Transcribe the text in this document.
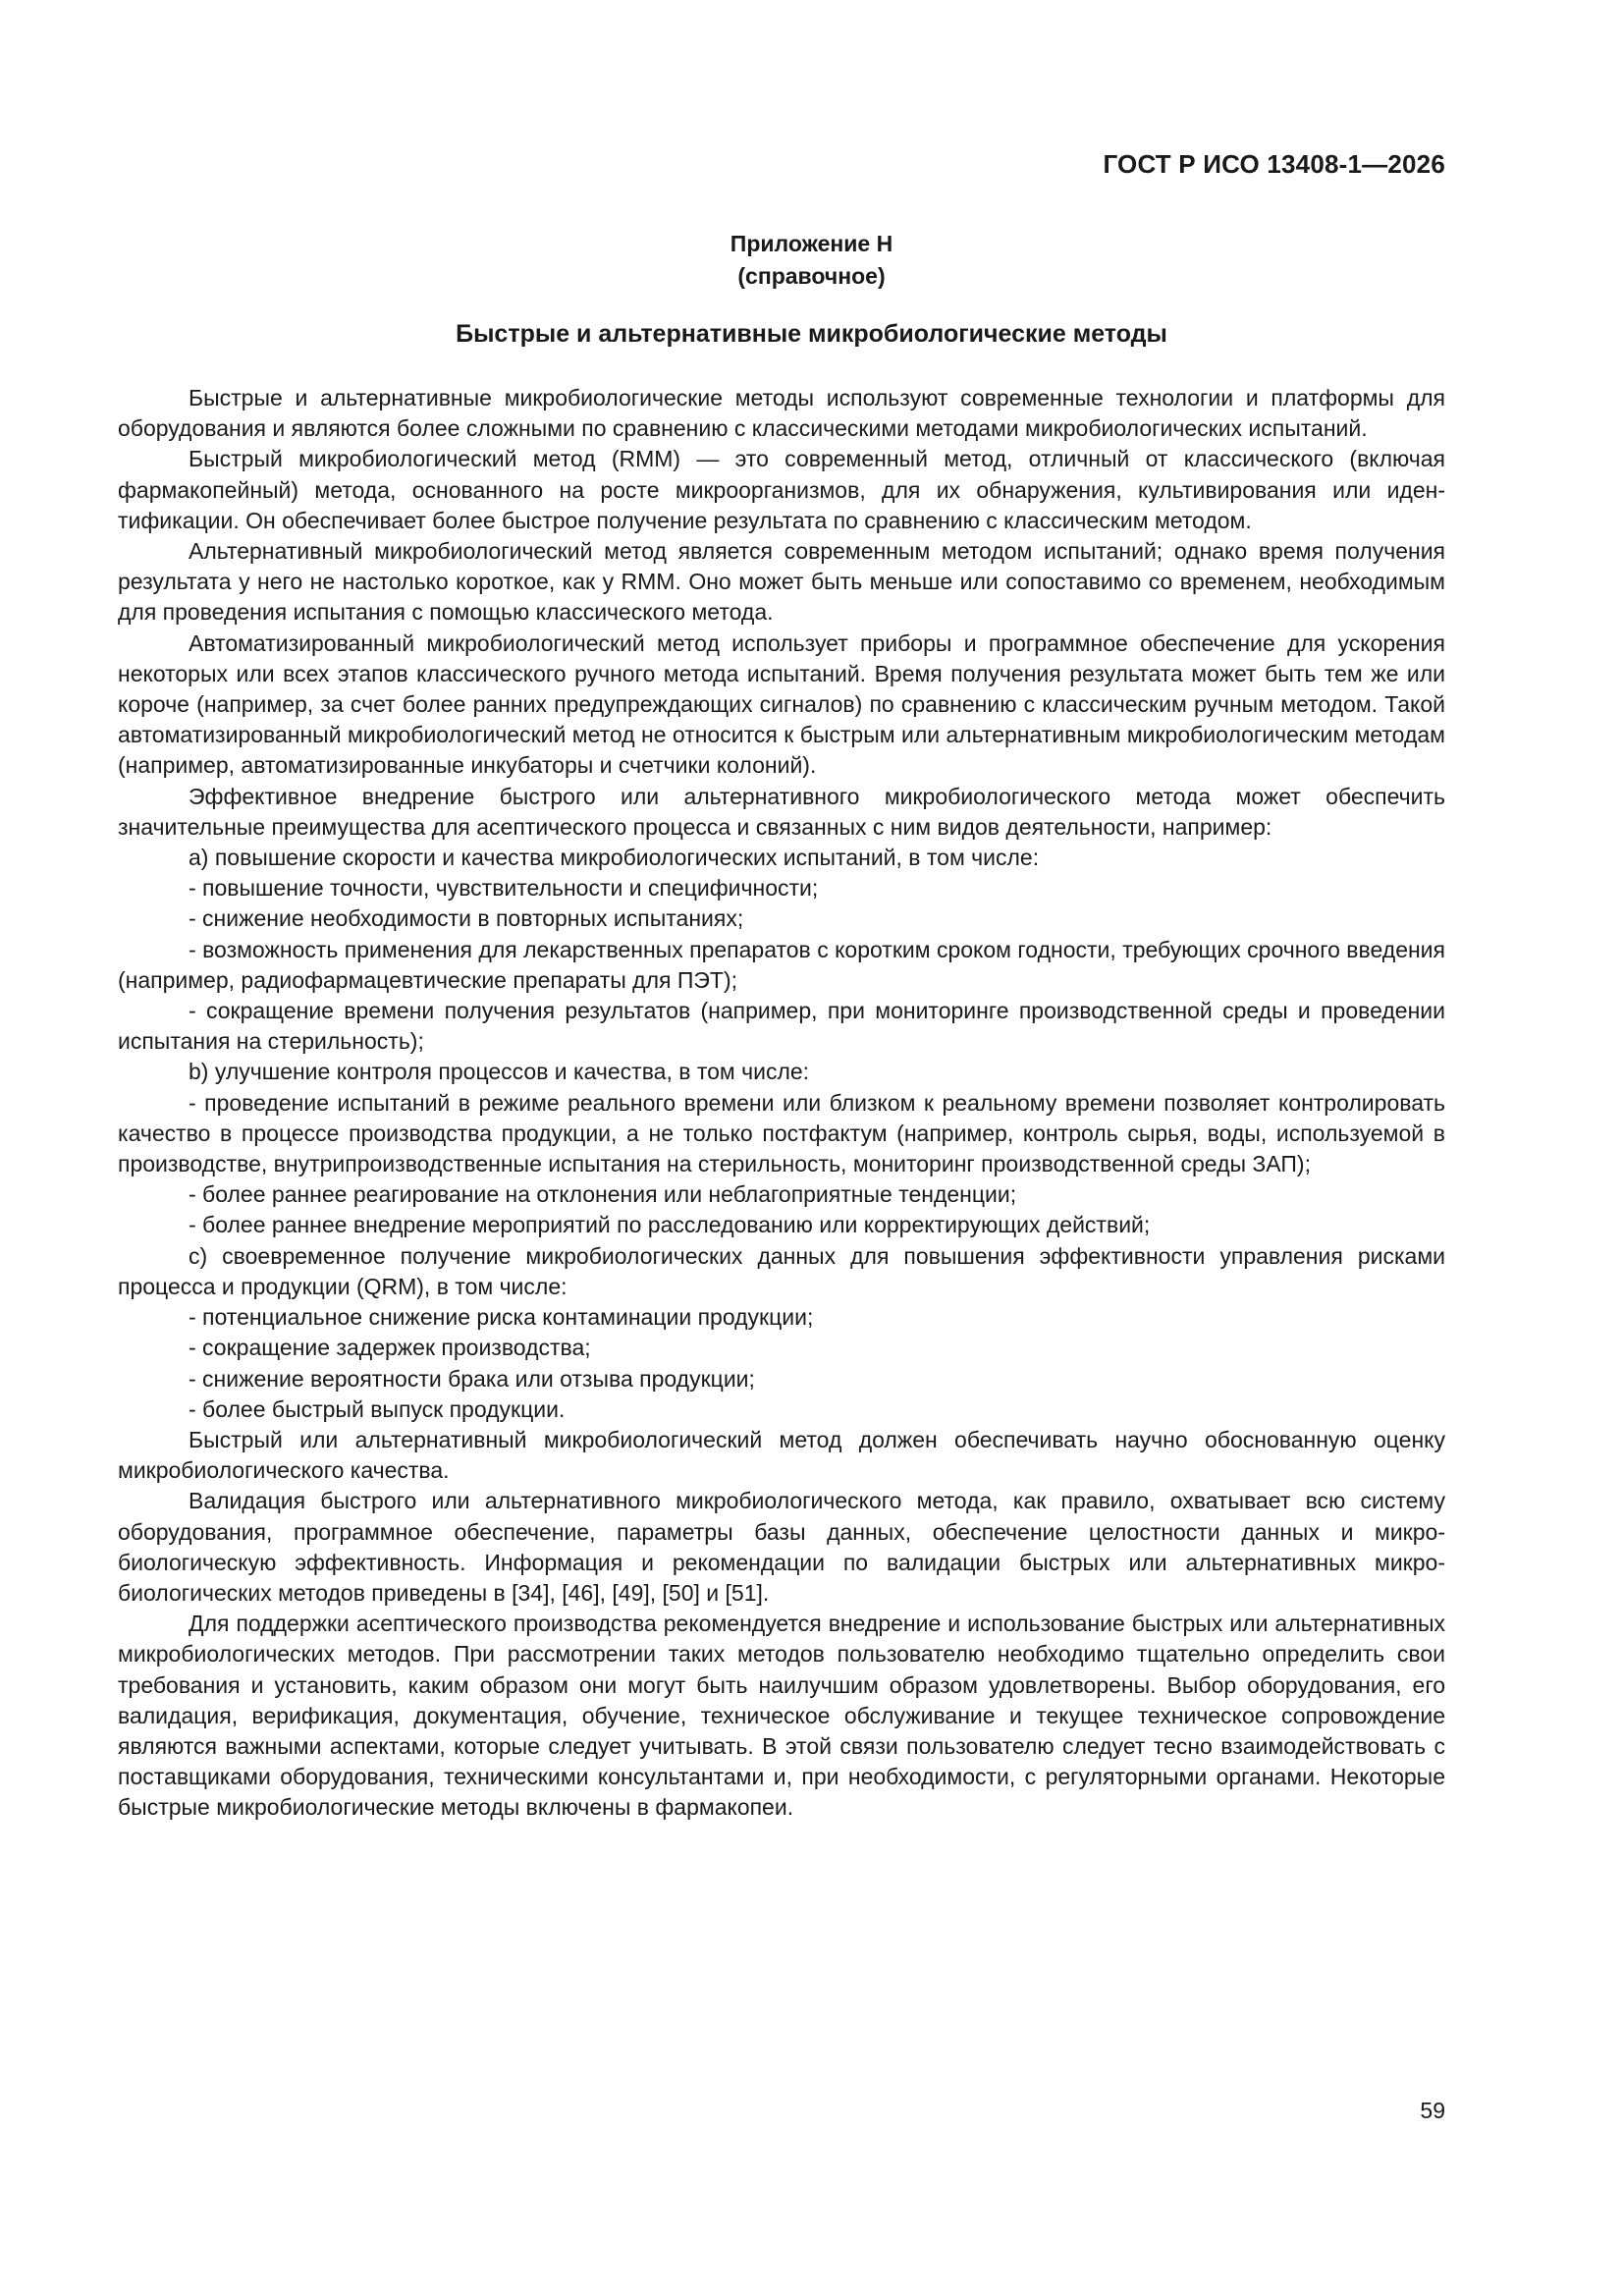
ГОСТ Р ИСО 13408-1—2026
Приложение H
(справочное)
Быстрые и альтернативные микробиологические методы

Быстрые и альтернативные микробиологические методы используют современные технологии и платформы для оборудования и являются более сложными по сравнению с классическими методами микробиологических испытаний.

Быстрый микробиологический метод (RMM) — это современный метод, отличный от классического (включая фармакопейный) метода, основанного на росте микроорганизмов, для их обнаружения, культивирования или идентификации. Он обеспечивает более быстрое получение результата по сравнению с классическим методом.

Альтернативный микробиологический метод является современным методом испытаний; однако время получения результата у него не настолько короткое, как у RMM. Оно может быть меньше или сопоставимо со временем, необходимым для проведения испытания с помощью классического метода.

Автоматизированный микробиологический метод использует приборы и программное обеспечение для ускорения некоторых или всех этапов классического ручного метода испытаний. Время получения результата может быть тем же или короче (например, за счет более ранних предупреждающих сигналов) по сравнению с классическим ручным методом. Такой автоматизированный микробиологический метод не относится к быстрым или альтернативным микробиологическим методам (например, автоматизированные инкубаторы и счетчики колоний).

Эффективное внедрение быстрого или альтернативного микробиологического метода может обеспечить значительные преимущества для асептического процесса и связанных с ним видов деятельности, например:

a) повышение скорости и качества микробиологических испытаний, в том числе:

- повышение точности, чувствительности и специфичности;

- снижение необходимости в повторных испытаниях;

- возможность применения для лекарственных препаратов с коротким сроком годности, требующих срочного введения (например, радиофармацевтические препараты для ПЭТ);

- сокращение времени получения результатов (например, при мониторинге производственной среды и проведении испытания на стерильность);

b) улучшение контроля процессов и качества, в том числе:

- проведение испытаний в режиме реального времени или близком к реальному времени позволяет контролировать качество в процессе производства продукции, а не только постфактум (например, контроль сырья, воды, используемой в производстве, внутрипроизводственные испытания на стерильность, мониторинг производственной среды ЗАП);

- более раннее реагирование на отклонения или неблагоприятные тенденции;

- более раннее внедрение мероприятий по расследованию или корректирующих действий;

c) своевременное получение микробиологических данных для повышения эффективности управления рисками процесса и продукции (QRM), в том числе:

- потенциальное снижение риска контаминации продукции;

- сокращение задержек производства;

- снижение вероятности брака или отзыва продукции;

- более быстрый выпуск продукции.

Быстрый или альтернативный микробиологический метод должен обеспечивать научно обоснованную оценку микробиологического качества.

Валидация быстрого или альтернативного микробиологического метода, как правило, охватывает всю систему оборудования, программное обеспечение, параметры базы данных, обеспечение целостности данных и микробиологическую эффективность. Информация и рекомендации по валидации быстрых или альтернативных микробиологических методов приведены в [34], [46], [49], [50] и [51].

Для поддержки асептического производства рекомендуется внедрение и использование быстрых или альтернативных микробиологических методов. При рассмотрении таких методов пользователю необходимо тщательно определить свои требования и установить, каким образом они могут быть наилучшим образом удовлетворены. Выбор оборудования, его валидация, верификация, документация, обучение, техническое обслуживание и текущее техническое сопровождение являются важными аспектами, которые следует учитывать. В этой связи пользователю следует тесно взаимодействовать с поставщиками оборудования, техническими консультантами и, при необходимости, с регуляторными органами. Некоторые быстрые микробиологические методы включены в фармакопеи.

59
